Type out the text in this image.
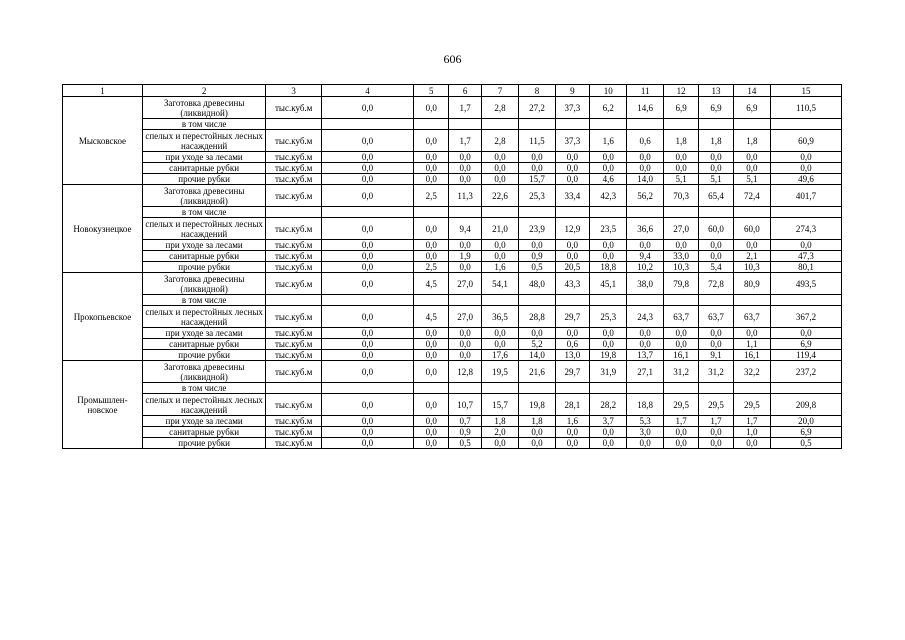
606
1	2	3	4	5	6	7	8	9	10	11	12	13	14	15
Мысковское	Заготовка древесины (ликвидной)	тыс.куб.м	0,0	0,0	1,7	2,8	27,2	37,3	6,2	14,6	6,9	6,9	6,9	110,5
	в том числе													
	спелых и перестойных лесных насаждений	тыс.куб.м	0,0	0,0	1,7	2,8	11,5	37,3	1,6	0,6	1,8	1,8	1,8	60,9
	при уходе за лесами	тыс.куб.м	0,0	0,0	0,0	0,0	0,0	0,0	0,0	0,0	0,0	0,0	0,0	0,0
	санитарные рубки	тыс.куб.м	0,0	0,0	0,0	0,0	0,0	0,0	0,0	0,0	0,0	0,0	0,0	0,0
	прочие рубки	тыс.куб.м	0,0	0,0	0,0	0,0	15,7	0,0	4,6	14,0	5,1	5,1	5,1	49,6
Новокузнецкое	Заготовка древесины (ликвидной)	тыс.куб.м	0,0	2,5	11,3	22,6	25,3	33,4	42,3	56,2	70,3	65,4	72,4	401,7
	в том числе													
	спелых и перестойных лесных насаждений	тыс.куб.м	0,0	0,0	9,4	21,0	23,9	12,9	23,5	36,6	27,0	60,0	60,0	274,3
	при уходе за лесами	тыс.куб.м	0,0	0,0	0,0	0,0	0,0	0,0	0,0	0,0	0,0	0,0	0,0	0,0
	санитарные рубки	тыс.куб.м	0,0	0,0	1,9	0,0	0,9	0,0	0,0	9,4	33,0	0,0	2,1	47,3
	прочие рубки	тыс.куб.м	0,0	2,5	0,0	1,6	0,5	20,5	18,8	10,2	10,3	5,4	10,3	80,1
Прокопьевское	Заготовка древесины (ликвидной)	тыс.куб.м	0,0	4,5	27,0	54,1	48,0	43,3	45,1	38,0	79,8	72,8	80,9	493,5
	в том числе													
	спелых и перестойных лесных насаждений	тыс.куб.м	0,0	4,5	27,0	36,5	28,8	29,7	25,3	24,3	63,7	63,7	63,7	367,2
	при уходе за лесами	тыс.куб.м	0,0	0,0	0,0	0,0	0,0	0,0	0,0	0,0	0,0	0,0	0,0	0,0
	санитарные рубки	тыс.куб.м	0,0	0,0	0,0	0,0	5,2	0,6	0,0	0,0	0,0	0,0	1,1	6,9
	прочие рубки	тыс.куб.м	0,0	0,0	0,0	17,6	14,0	13,0	19,8	13,7	16,1	9,1	16,1	119,4
Промышлен-новское	Заготовка древесины (ликвидной)	тыс.куб.м	0,0	0,0	12,8	19,5	21,6	29,7	31,9	27,1	31,2	31,2	32,2	237,2
	в том числе													
	спелых и перестойных лесных насаждений	тыс.куб.м	0,0	0,0	10,7	15,7	19,8	28,1	28,2	18,8	29,5	29,5	29,5	209,8
	при уходе за лесами	тыс.куб.м	0,0	0,0	0,7	1,8	1,8	1,6	3,7	5,3	1,7	1,7	1,7	20,0
	санитарные рубки	тыс.куб.м	0,0	0,0	0,9	2,0	0,0	0,0	0,0	3,0	0,0	0,0	1,0	6,9
	прочие рубки	тыс.куб.м	0,0	0,0	0,5	0,0	0,0	0,0	0,0	0,0	0,0	0,0	0,0	0,5
